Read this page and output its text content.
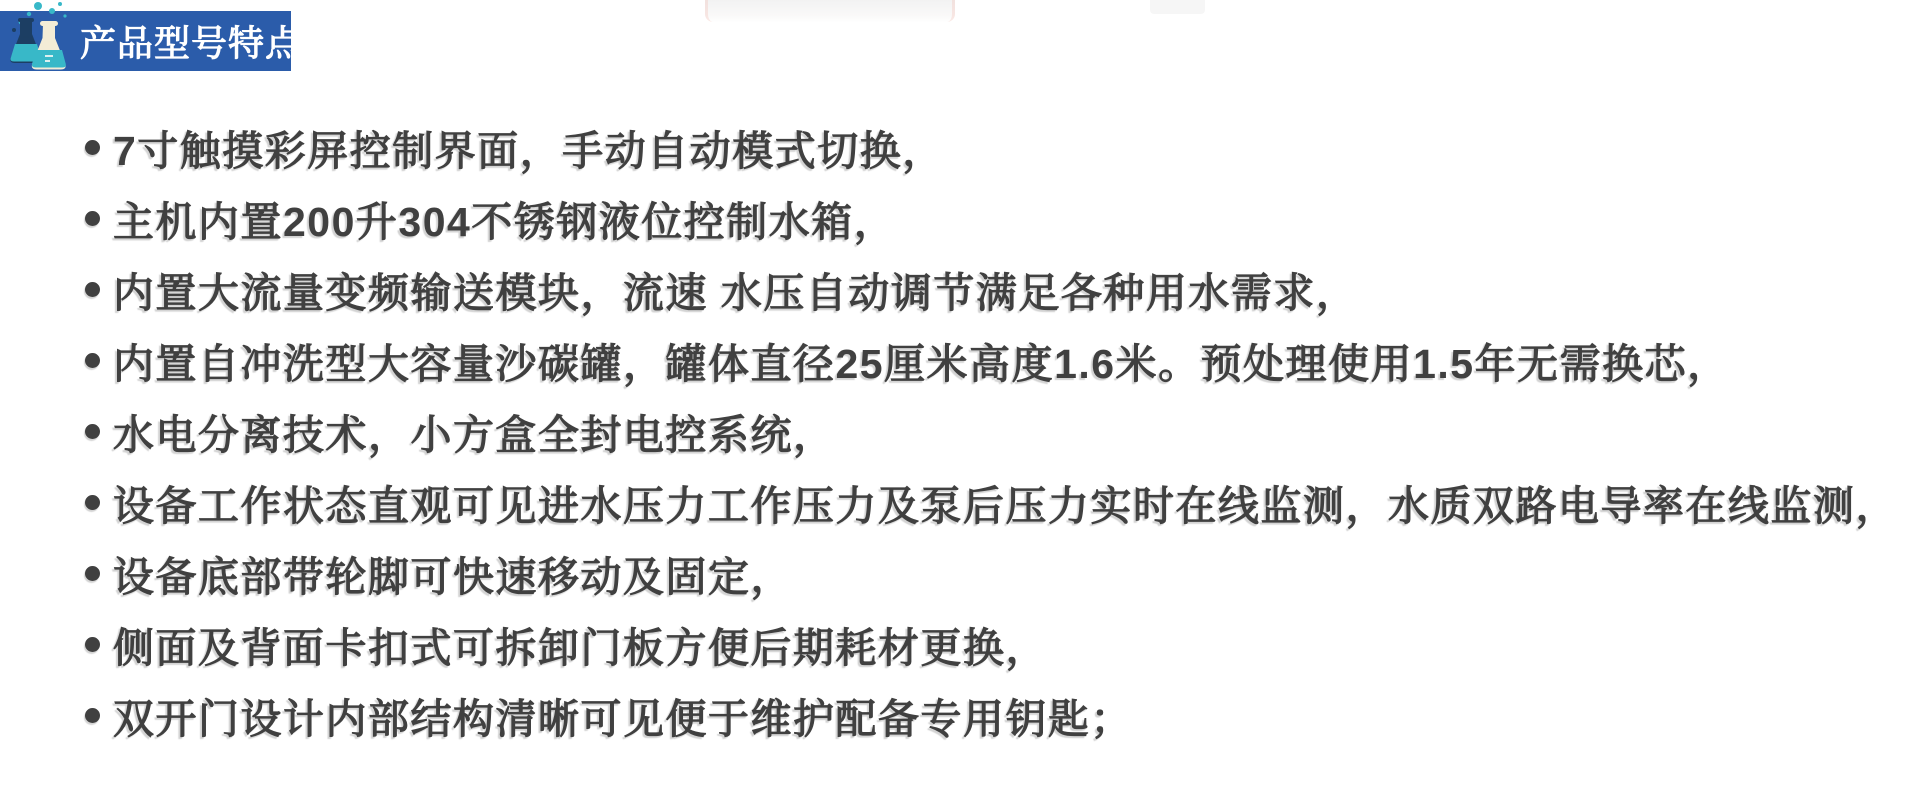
产品型号特点
7寸触摸彩屏控制界面，手动自动模式切换，
主机内置200升304不锈钢液位控制水箱，
内置大流量变频输送模块，流速 水压自动调节满足各种用水需求，
内置自冲洗型大容量沙碳罐，罐体直径25厘米高度1.6米。预处理使用1.5年无需换芯，
水电分离技术，小方盒全封电控系统，
设备工作状态直观可见进水压力工作压力及泵后压力实时在线监测，水质双路电导率在线监测，
设备底部带轮脚可快速移动及固定，
侧面及背面卡扣式可拆卸门板方便后期耗材更换，
双开门设计内部结构清晰可见便于维护配备专用钥匙；
